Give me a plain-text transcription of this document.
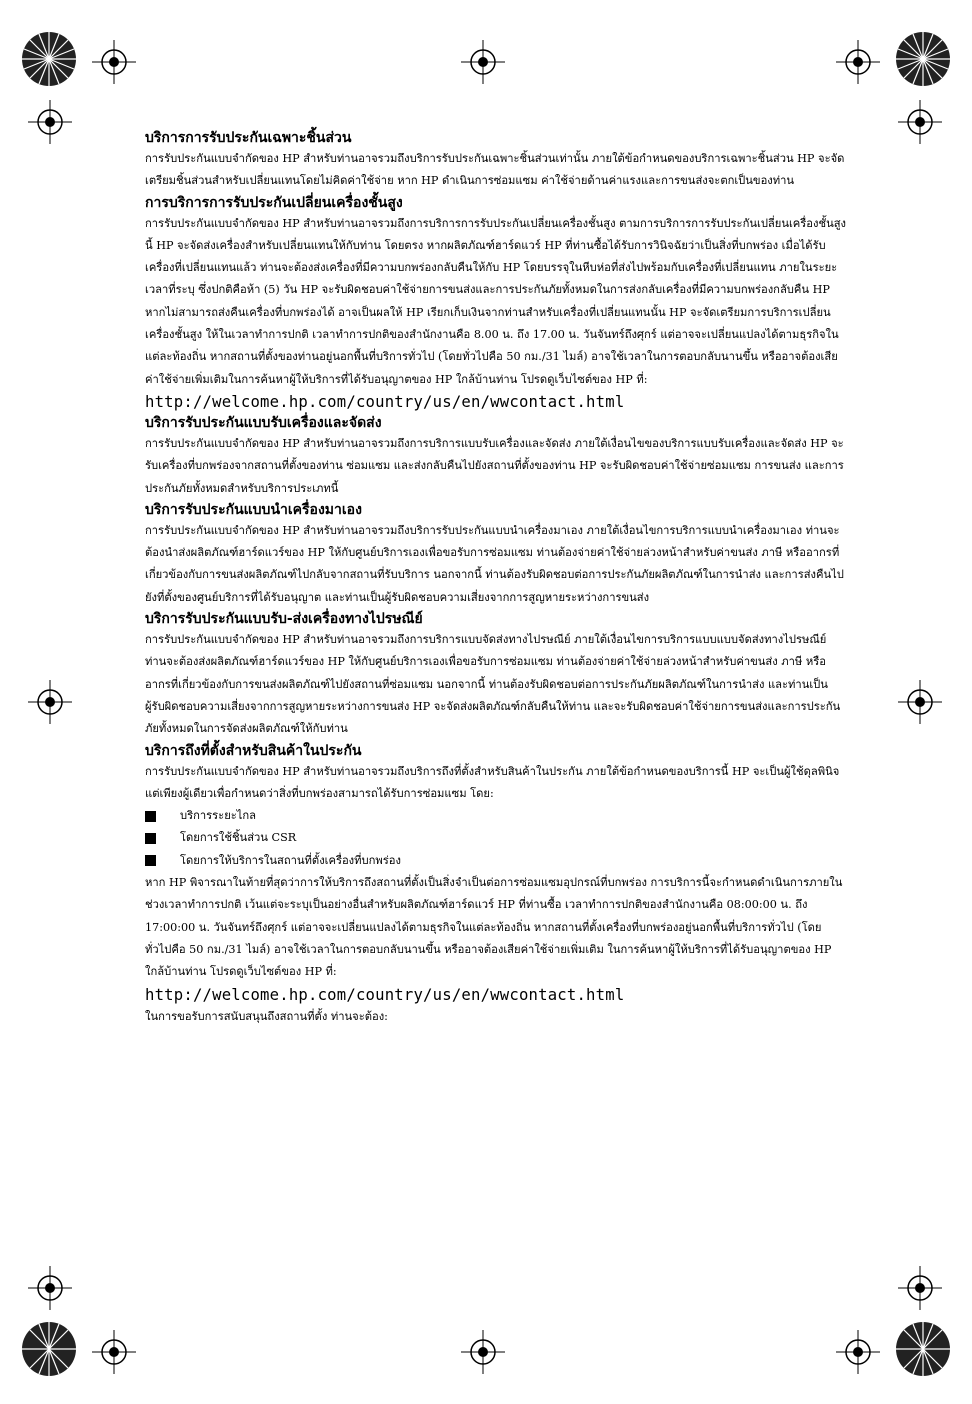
บริการการรับประกันเฉพาะชิ้นส่วน

การรับประกันแบบจำกัดของ HP สำหรับท่านอาจรวมถึงบริการรับประกันเฉพาะชิ้นส่วนเท่านั้น ภายใต้ข้อกำหนดของบริการเฉพาะชิ้นส่วน HP จะจัดเตรียมชิ้นส่วนสำหรับเปลี่ยนแทนโดยไม่คิดค่าใช้จ่าย หาก HP ดำเนินการซ่อมแซม ค่าใช้จ่ายด้านค่าแรงและการขนส่งจะตกเป็นของท่าน

การบริการการรับประกันเปลี่ยนเครื่องชั้นสูง

การรับประกันแบบจำกัดของ HP สำหรับท่านอาจรวมถึงการบริการการรับประกันเปลี่ยนเครื่องชั้นสูง ตามการบริการการรับประกันเปลี่ยนเครื่องชั้นสูงนี้ HP จะจัดส่งเครื่องสำหรับเปลี่ยนแทนให้กับท่าน โดยตรง หากผลิตภัณฑ์ฮาร์ดแวร์ HP ที่ท่านซื้อได้รับการวินิจฉัยว่าเป็นสิ่งที่บกพร่อง เมื่อได้รับเครื่องที่เปลี่ยนแทนแล้ว ท่านจะต้องส่งเครื่องที่มีความบกพร่องกลับคืนให้กับ HP โดยบรรจุในหีบห่อที่ส่งไปพร้อมกับเครื่องที่เปลี่ยนแทน ภายในระยะเวลาที่ระบุ ซึ่งปกติคือห้า (5) วัน HP จะรับผิดชอบค่าใช้จ่ายการขนส่งและการประกันภัยทั้งหมดในการส่งกลับเครื่องที่มีความบกพร่องกลับคืน HP หากไม่สามารถส่งคืนเครื่องที่บกพร่องได้ อาจเป็นผลให้ HP เรียกเก็บเงินจากท่านสำหรับเครื่องที่เปลี่ยนแทนนั้น HP จะจัดเตรียมการบริการเปลี่ยนเครื่องชั้นสูง ให้ในเวลาทำการปกติ เวลาทำการปกติของสำนักงานคือ 8.00 น. ถึง 17.00 น. วันจันทร์ถึงศุกร์ แต่อาจจะเปลี่ยนแปลงได้ตามธุรกิจในแต่ละท้องถิ่น หากสถานที่ตั้งของท่านอยู่นอกพื้นที่บริการทั่วไป (โดยทั่วไปคือ 50 กม./31 ไมล์) อาจใช้เวลาในการตอบกลับนานขึ้น หรืออาจต้องเสียค่าใช้จ่ายเพิ่มเติมในการค้นหาผู้ให้บริการที่ได้รับอนุญาตของ HP ใกล้บ้านท่าน โปรดดูเว็บไซต์ของ HP ที่:

http://welcome.hp.com/country/us/en/wwcontact.html

บริการรับประกันแบบรับเครื่องและจัดส่ง

การรับประกันแบบจำกัดของ HP สำหรับท่านอาจรวมถึงการบริการแบบรับเครื่องและจัดส่ง ภายใต้เงื่อนไขของบริการแบบรับเครื่องและจัดส่ง HP จะรับเครื่องที่บกพร่องจากสถานที่ตั้งของท่าน ซ่อมแซม และส่งกลับคืนไปยังสถานที่ตั้งของท่าน HP จะรับผิดชอบค่าใช้จ่ายซ่อมแซม การขนส่ง และการประกันภัยทั้งหมดสำหรับบริการประเภทนี้

บริการรับประกันแบบนำเครื่องมาเอง

การรับประกันแบบจำกัดของ HP สำหรับท่านอาจรวมถึงบริการรับประกันแบบนำเครื่องมาเอง ภายใต้เงื่อนไขการบริการแบบนำเครื่องมาเอง ท่านจะต้องนำส่งผลิตภัณฑ์ฮาร์ดแวร์ของ HP ให้กับศูนย์บริการเองเพื่อขอรับการซ่อมแซม ท่านต้องจ่ายค่าใช้จ่ายล่วงหน้าสำหรับค่าขนส่ง ภาษี หรืออากรที่เกี่ยวข้องกับการขนส่งผลิตภัณฑ์ไปกลับจากสถานที่รับบริการ นอกจากนี้ ท่านต้องรับผิดชอบต่อการประกันภัยผลิตภัณฑ์ในการนำส่ง และการส่งคืนไปยังที่ตั้งของศูนย์บริการที่ได้รับอนุญาต และท่านเป็นผู้รับผิดชอบความเสี่ยงจากการสูญหายระหว่างการขนส่ง

บริการรับประกันแบบรับ-ส่งเครื่องทางไปรษณีย์

การรับประกันแบบจำกัดของ HP สำหรับท่านอาจรวมถึงการบริการแบบจัดส่งทางไปรษณีย์ ภายใต้เงื่อนไขการบริการแบบแบบจัดส่งทางไปรษณีย์ ท่านจะต้องส่งผลิตภัณฑ์ฮาร์ดแวร์ของ HP ให้กับศูนย์บริการเองเพื่อขอรับการซ่อมแซม ท่านต้องจ่ายค่าใช้จ่ายล่วงหน้าสำหรับค่าขนส่ง ภาษี หรืออากรที่เกี่ยวข้องกับการขนส่งผลิตภัณฑ์ไปยังสถานที่ซ่อมแซม นอกจากนี้ ท่านต้องรับผิดชอบต่อการประกันภัยผลิตภัณฑ์ในการนำส่ง และท่านเป็นผู้รับผิดชอบความเสี่ยงจากการสูญหายระหว่างการขนส่ง HP จะจัดส่งผลิตภัณฑ์กลับคืนให้ท่าน และจะรับผิดชอบค่าใช้จ่ายการขนส่งและการประกันภัยทั้งหมดในการจัดส่งผลิตภัณฑ์ให้กับท่าน

บริการถึงที่ตั้งสำหรับสินค้าในประกัน

การรับประกันแบบจำกัดของ HP สำหรับท่านอาจรวมถึงบริการถึงที่ตั้งสำหรับสินค้าในประกัน ภายใต้ข้อกำหนดของบริการนี้ HP จะเป็นผู้ใช้ดุลพินิจแต่เพียงผู้เดียวเพื่อกำหนดว่าสิ่งที่บกพร่องสามารถได้รับการซ่อมแซม โดย:

บริการระยะไกล
โดยการใช้ชิ้นส่วน CSR
โดยการให้บริการในสถานที่ตั้งเครื่องที่บกพร่อง

หาก HP พิจารณาในท้ายที่สุดว่าการให้บริการถึงสถานที่ตั้งเป็นสิ่งจำเป็นต่อการซ่อมแซมอุปกรณ์ที่บกพร่อง การบริการนี้จะกำหนดดำเนินการภายในช่วงเวลาทำการปกติ เว้นแต่จะระบุเป็นอย่างอื่นสำหรับผลิตภัณฑ์ฮาร์ดแวร์ HP ที่ท่านซื้อ เวลาทำการปกติของสำนักงานคือ 08:00:00 น. ถึง 17:00:00 น. วันจันทร์ถึงศุกร์ แต่อาจจะเปลี่ยนแปลงได้ตามธุรกิจในแต่ละท้องถิ่น หากสถานที่ตั้งเครื่องที่บกพร่องอยู่นอกพื้นที่บริการทั่วไป (โดยทั่วไปคือ 50 กม./31 ไมล์) อาจใช้เวลาในการตอบกลับนานขึ้น หรืออาจต้องเสียค่าใช้จ่ายเพิ่มเติม ในการค้นหาผู้ให้บริการที่ได้รับอนุญาตของ HP ใกล้บ้านท่าน โปรดดูเว็บไซต์ของ HP ที่:

http://welcome.hp.com/country/us/en/wwcontact.html

ในการขอรับการสนับสนุนถึงสถานที่ตั้ง ท่านจะต้อง:
